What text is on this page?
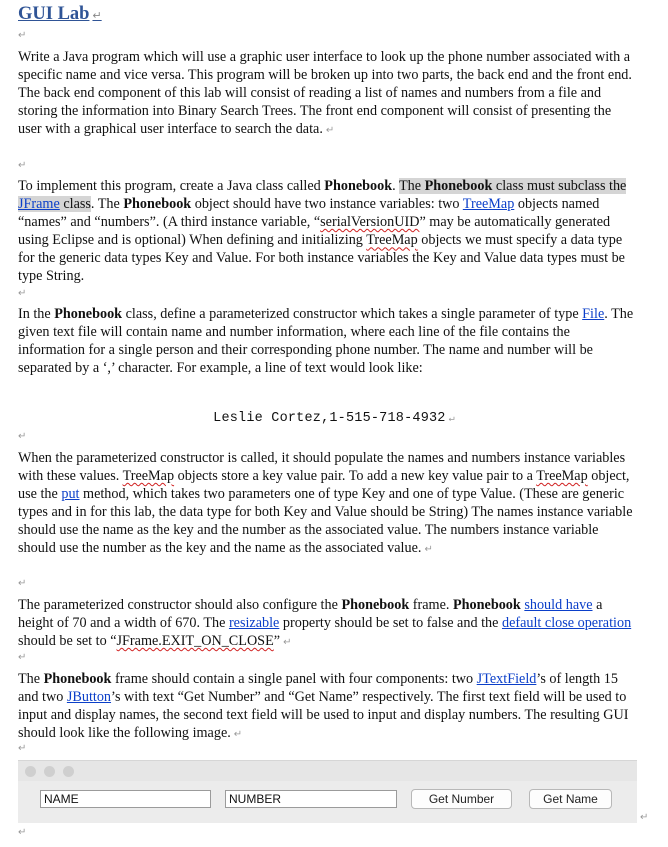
GUI Lab ↵
↵
Write a Java program which will use a graphic user interface to look up the phone number associated with a specific name and vice versa. This program will be broken up into two parts, the back end and the front end. The back end component of this lab will consist of reading a list of names and numbers from a file and storing the information into Binary Search Trees. The front end component will consist of presenting the user with a graphical user interface to search the data. ↵
↵
To implement this program, create a Java class called Phonebook. The Phonebook class must subclass the JFrame class. The Phonebook object should have two instance variables: two TreeMap objects named “names” and “numbers”. (A third instance variable, “serialVersionUID” may be automatically generated using Eclipse and is optional) When defining and initializing TreeMap objects we must specify a data type for the generic data types Key and Value. For both instance variables the Key and Value data types must be type String.
↵
In the Phonebook class, define a parameterized constructor which takes a single parameter of type File. The given text file will contain name and number information, where each line of the file contains the information for a single person and their corresponding phone number. The name and number will be separated by a ‘,’ character. For example, a line of text would look like:
Leslie Cortez,1-515-718-4932 ↵
↵
When the parameterized constructor is called, it should populate the names and numbers instance variables with these values. TreeMap objects store a key value pair. To add a new key value pair to a TreeMap object, use the put method, which takes two parameters one of type Key and one of type Value. (These are generic types and in for this lab, the data type for both Key and Value should be String) The names instance variable should use the name as the key and the number as the associated value. The numbers instance variable should use the number as the key and the name as the associated value. ↵
↵
The parameterized constructor should also configure the Phonebook frame. Phonebook should have a height of 70 and a width of 670. The resizable property should be set to false and the default close operation should be set to “JFrame.EXIT_ON_CLOSE” ↵
↵
The Phonebook frame should contain a single panel with four components: two JTextField’s of length 15 and two JButton’s with text “Get Number” and “Get Name” respectively. The first text field will be used to input and display names, the second text field will be used to input and display numbers. The resulting GUI should look like the following image. ↵
↵
NAME	NUMBER	Get Number	Get Name
↵
↵
